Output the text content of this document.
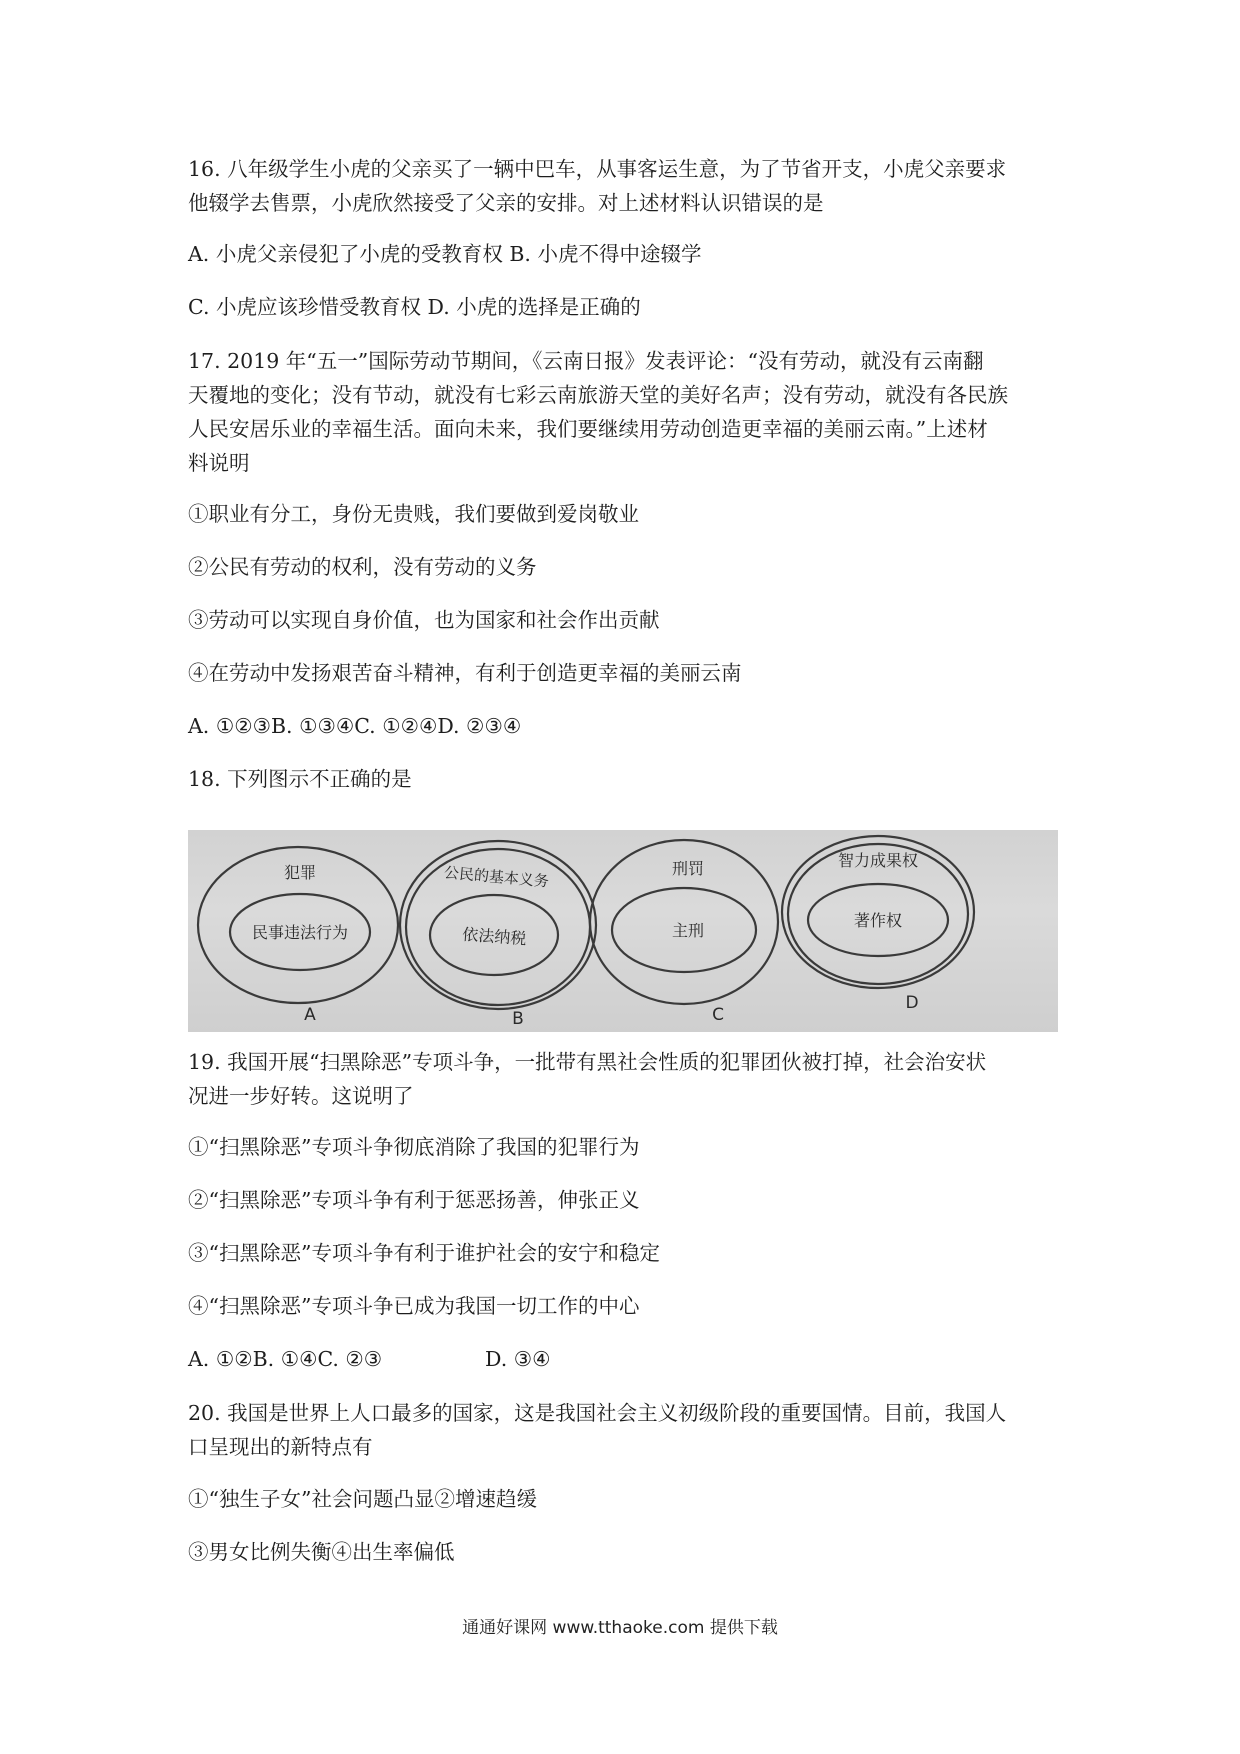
16. 八年级学生小虎的父亲买了一辆中巴车，从事客运生意，为了节省开支，小虎父亲要求
他辍学去售票，小虎欣然接受了父亲的安排。对上述材料认识错误的是
A. 小虎父亲侵犯了小虎的受教育权 B. 小虎不得中途辍学
C. 小虎应该珍惜受教育权 D. 小虎的选择是正确的
17. 2019 年“五一”国际劳动节期间，《云南日报》发表评论：“没有劳动，就没有云南翻
天覆地的变化；没有节动，就没有七彩云南旅游天堂的美好名声；没有劳动，就没有各民族
人民安居乐业的幸福生活。面向未来，我们要继续用劳动创造更幸福的美丽云南。”上述材
料说明
①职业有分工，身份无贵贱，我们要做到爱岗敬业
②公民有劳动的权利，没有劳动的义务
③劳动可以实现自身价值，也为国家和社会作出贡献
④在劳动中发扬艰苦奋斗精神，有利于创造更幸福的美丽云南
A. ①②③B. ①③④C. ①②④D. ②③④
18. 下列图示不正确的是
犯罪
民事违法行为
A
公民的基本义务
依法纳税
B
刑罚
主刑
C
智力成果权
著作权
D
19. 我国开展“扫黑除恶”专项斗争，一批带有黑社会性质的犯罪团伙被打掉，社会治安状
况进一步好转。这说明了
①“扫黑除恶”专项斗争彻底消除了我国的犯罪行为
②“扫黑除恶”专项斗争有利于惩恶扬善，伸张正义
③“扫黑除恶”专项斗争有利于谁护社会的安宁和稳定
④“扫黑除恶”专项斗争已成为我国一切工作的中心
A. ①②B. ①④C. ②③	D. ③④
20. 我国是世界上人口最多的国家，这是我国社会主义初级阶段的重要国情。目前，我国人
口呈现出的新特点有
①“独生子女”社会问题凸显②增速趋缓
③男女比例失衡④出生率偏低
通通好课网 www.tthaoke.com 提供下载
